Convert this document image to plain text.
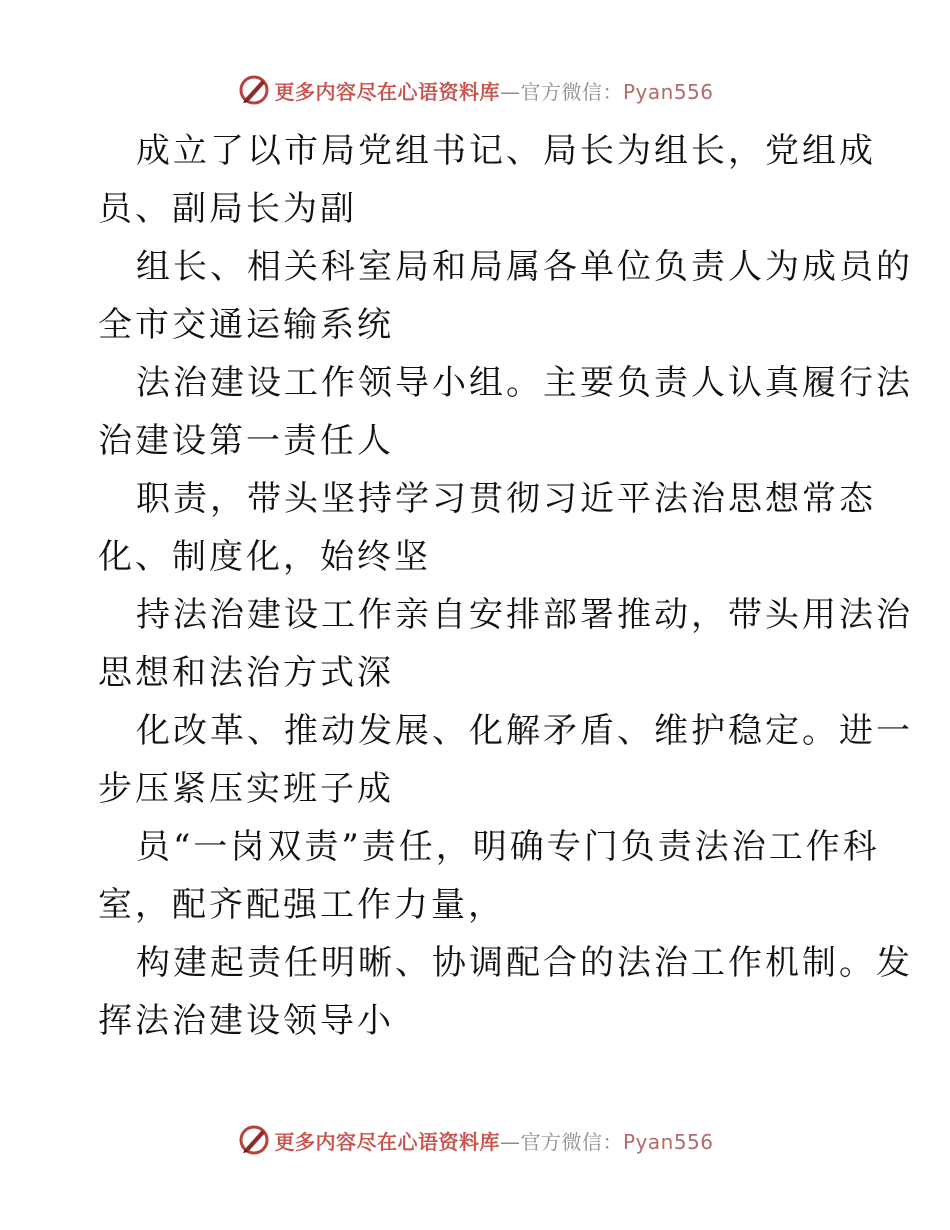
更多内容尽在心语资料库—官方微信：Pyan556

成立了以市局党组书记、局长为组长，党组成

员、副局长为副

组长、相关科室局和局属各单位负责人为成员的

全市交通运输系统

法治建设工作领导小组。主要负责人认真履行法

治建设第一责任人

职责，带头坚持学习贯彻习近平法治思想常态

化、制度化，始终坚

持法治建设工作亲自安排部署推动，带头用法治

思想和法治方式深

化改革、推动发展、化解矛盾、维护稳定。进一

步压紧压实班子成

员“一岗双责”责任，明确专门负责法治工作科

室，配齐配强工作力量，

构建起责任明晰、协调配合的法治工作机制。发

挥法治建设领导小

更多内容尽在心语资料库—官方微信：Pyan556
